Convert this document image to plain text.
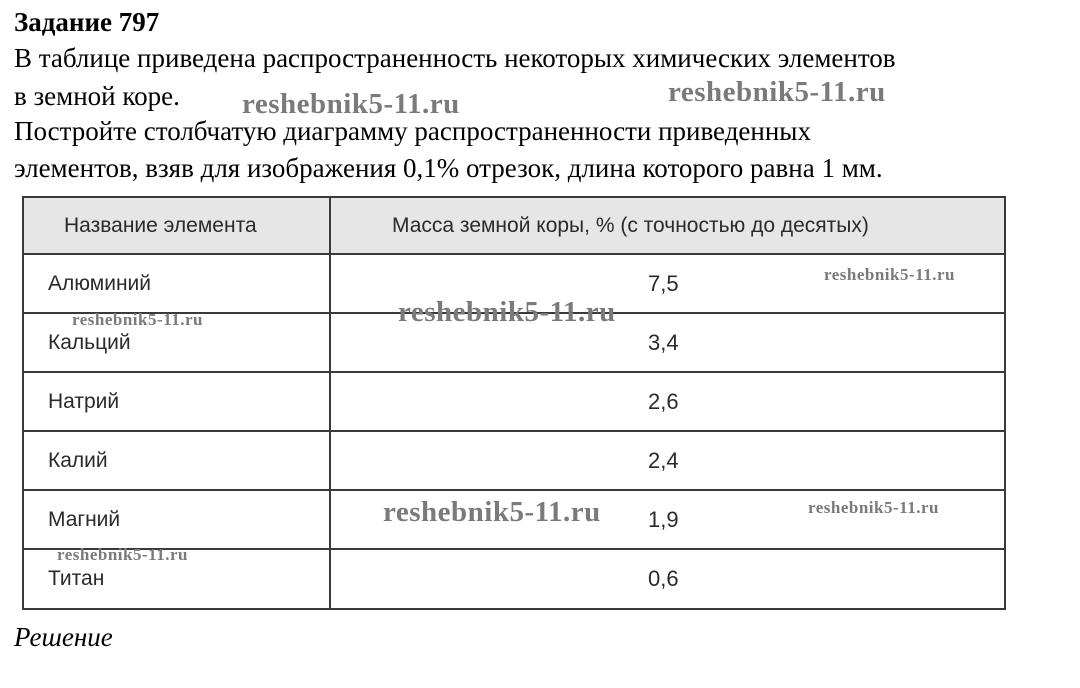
Задание 797
В таблице приведена распространенность некоторых химических элементов
в земной коре.
Постройте столбчатую диаграмму распространенности приведенных
элементов, взяв для изображения 0,1% отрезок, длина которого равна 1 мм.
Название элемента	Масса земной коры, % (с точностью до десятых)
Алюминий	7,5
Кальций	3,4
Натрий	2,6
Калий	2,4
Магний	1,9
Титан	0,6
Решение
reshebnik5-11.ru	reshebnik5-11.ru
reshebnik5-11.ru
reshebnik5-11.ru	reshebnik5-11.ru
reshebnik5-11.ru	reshebnik5-11.ru
reshebnik5-11.ru
